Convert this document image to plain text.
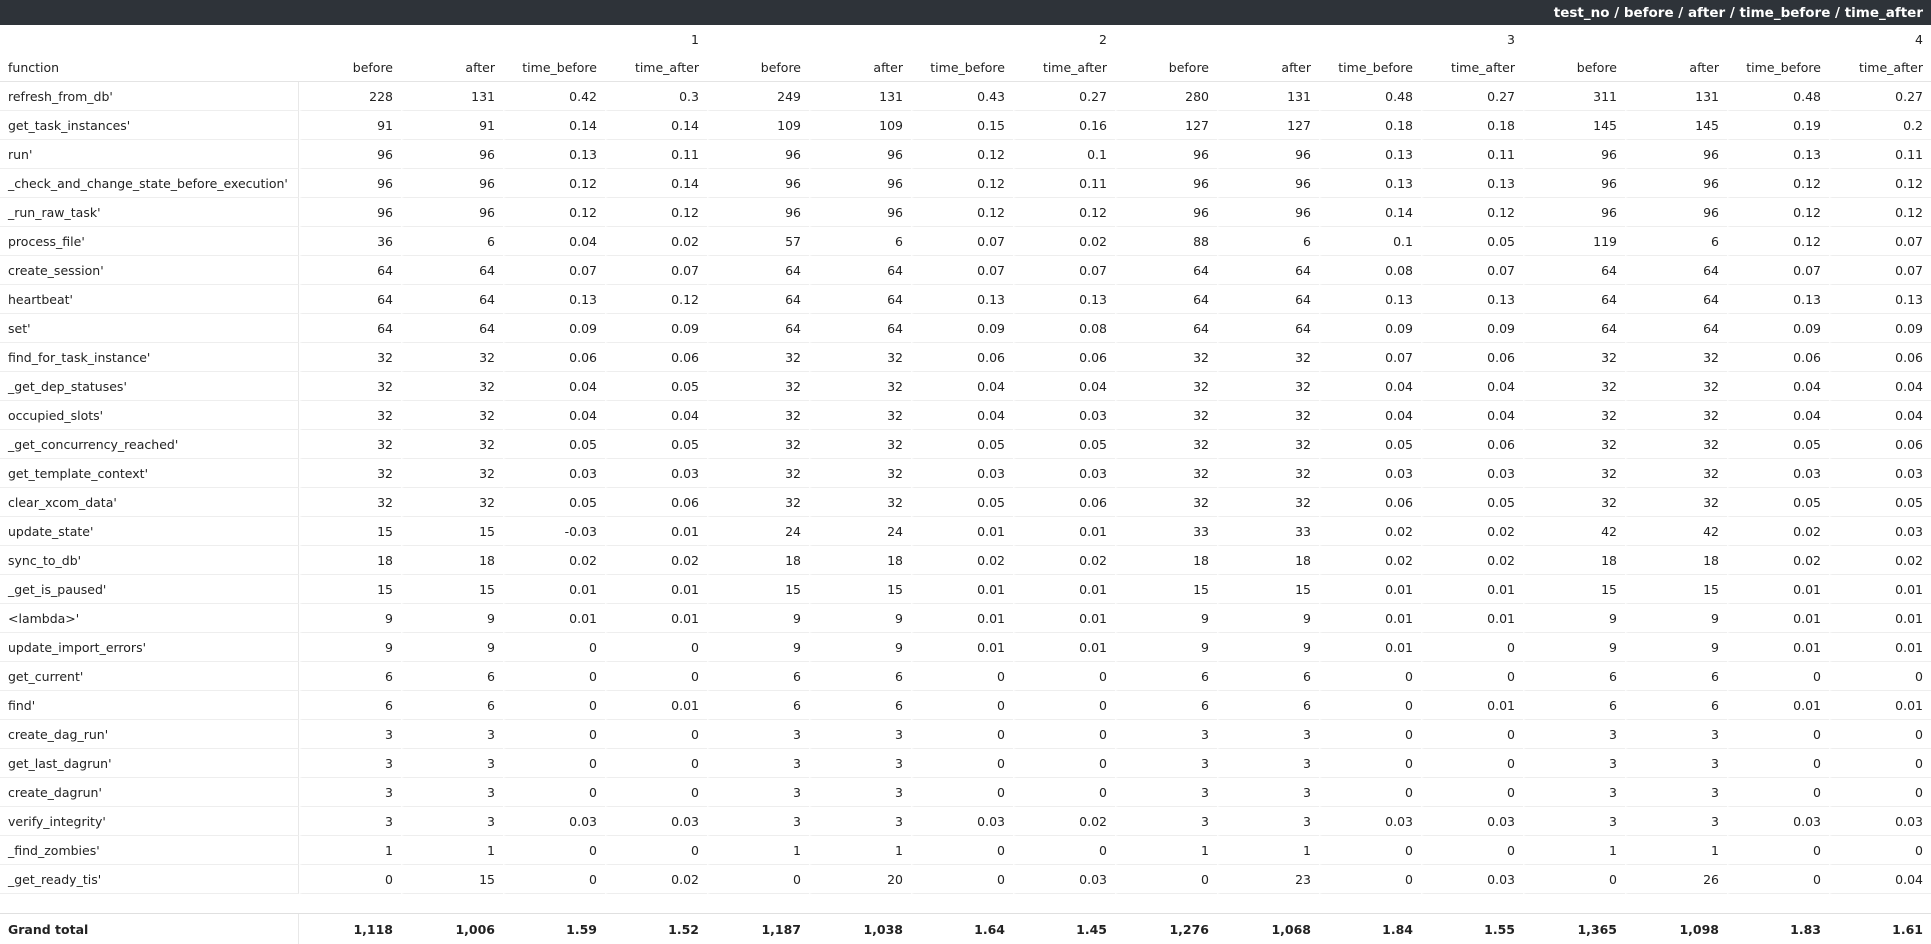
test_no / before / after / time_before / time_after
				1				2				3				4
function	before	after	time_before	time_after	before	after	time_before	time_after	before	after	time_before	time_after	before	after	time_before	time_after
refresh_from_db'	228	131	0.42	0.3	249	131	0.43	0.27	280	131	0.48	0.27	311	131	0.48	0.27
get_task_instances'	91	91	0.14	0.14	109	109	0.15	0.16	127	127	0.18	0.18	145	145	0.19	0.2
run'	96	96	0.13	0.11	96	96	0.12	0.1	96	96	0.13	0.11	96	96	0.13	0.11
_check_and_change_state_before_execution'	96	96	0.12	0.14	96	96	0.12	0.11	96	96	0.13	0.13	96	96	0.12	0.12
_run_raw_task'	96	96	0.12	0.12	96	96	0.12	0.12	96	96	0.14	0.12	96	96	0.12	0.12
process_file'	36	6	0.04	0.02	57	6	0.07	0.02	88	6	0.1	0.05	119	6	0.12	0.07
create_session'	64	64	0.07	0.07	64	64	0.07	0.07	64	64	0.08	0.07	64	64	0.07	0.07
heartbeat'	64	64	0.13	0.12	64	64	0.13	0.13	64	64	0.13	0.13	64	64	0.13	0.13
set'	64	64	0.09	0.09	64	64	0.09	0.08	64	64	0.09	0.09	64	64	0.09	0.09
find_for_task_instance'	32	32	0.06	0.06	32	32	0.06	0.06	32	32	0.07	0.06	32	32	0.06	0.06
_get_dep_statuses'	32	32	0.04	0.05	32	32	0.04	0.04	32	32	0.04	0.04	32	32	0.04	0.04
occupied_slots'	32	32	0.04	0.04	32	32	0.04	0.03	32	32	0.04	0.04	32	32	0.04	0.04
_get_concurrency_reached'	32	32	0.05	0.05	32	32	0.05	0.05	32	32	0.05	0.06	32	32	0.05	0.06
get_template_context'	32	32	0.03	0.03	32	32	0.03	0.03	32	32	0.03	0.03	32	32	0.03	0.03
clear_xcom_data'	32	32	0.05	0.06	32	32	0.05	0.06	32	32	0.06	0.05	32	32	0.05	0.05
update_state'	15	15	-0.03	0.01	24	24	0.01	0.01	33	33	0.02	0.02	42	42	0.02	0.03
sync_to_db'	18	18	0.02	0.02	18	18	0.02	0.02	18	18	0.02	0.02	18	18	0.02	0.02
_get_is_paused'	15	15	0.01	0.01	15	15	0.01	0.01	15	15	0.01	0.01	15	15	0.01	0.01
<lambda>'	9	9	0.01	0.01	9	9	0.01	0.01	9	9	0.01	0.01	9	9	0.01	0.01
update_import_errors'	9	9	0	0	9	9	0.01	0.01	9	9	0.01	0	9	9	0.01	0.01
get_current'	6	6	0	0	6	6	0	0	6	6	0	0	6	6	0	0
find'	6	6	0	0.01	6	6	0	0	6	6	0	0.01	6	6	0.01	0.01
create_dag_run'	3	3	0	0	3	3	0	0	3	3	0	0	3	3	0	0
get_last_dagrun'	3	3	0	0	3	3	0	0	3	3	0	0	3	3	0	0
create_dagrun'	3	3	0	0	3	3	0	0	3	3	0	0	3	3	0	0
verify_integrity'	3	3	0.03	0.03	3	3	0.03	0.02	3	3	0.03	0.03	3	3	0.03	0.03
_find_zombies'	1	1	0	0	1	1	0	0	1	1	0	0	1	1	0	0
_get_ready_tis'	0	15	0	0.02	0	20	0	0.03	0	23	0	0.03	0	26	0	0.04

Grand total	1,118	1,006	1.59	1.52	1,187	1,038	1.64	1.45	1,276	1,068	1.84	1.55	1,365	1,098	1.83	1.61
